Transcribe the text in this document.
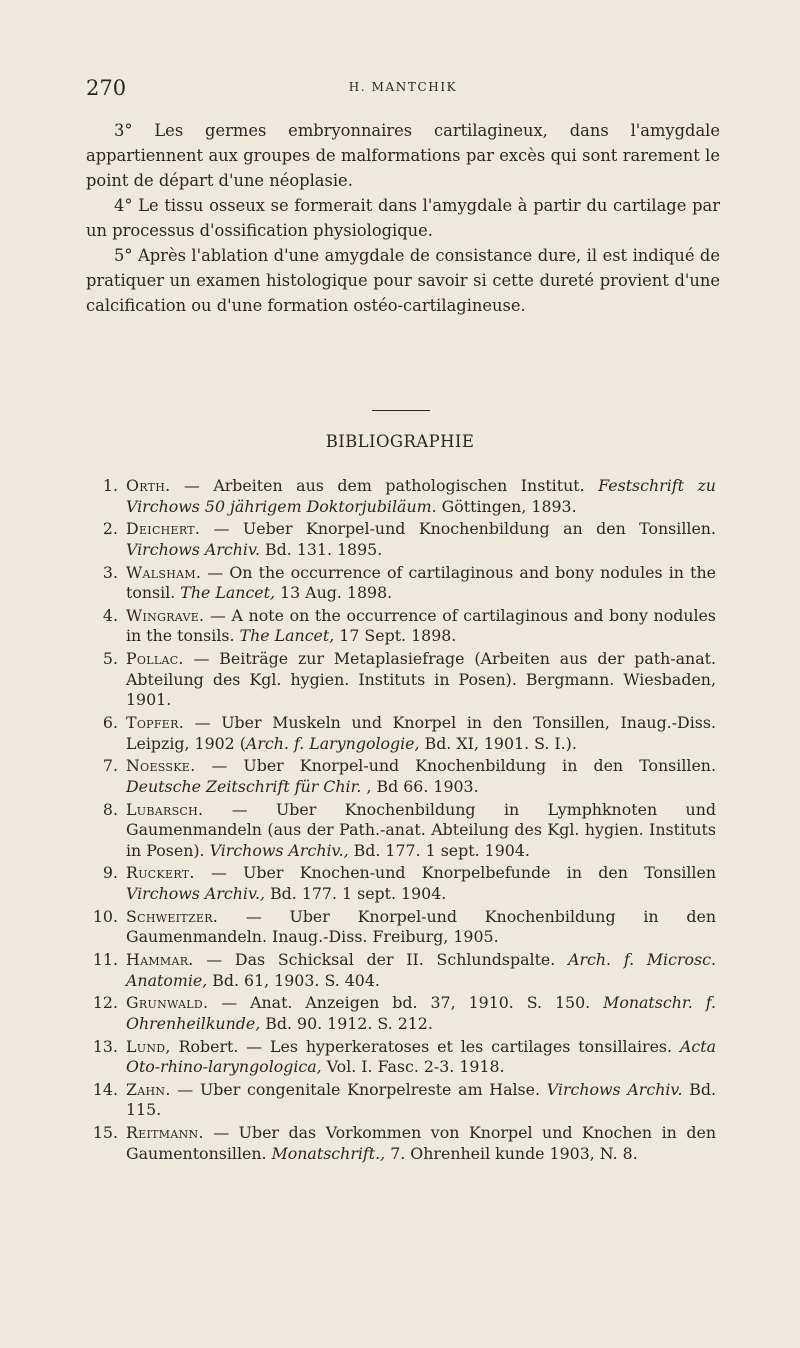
270	H. MANTCHIK

3° Les germes embryonnaires cartilagineux, dans l'amygdale appartiennent aux groupes de malformations par excès qui sont rarement le point de départ d'une néoplasie.

4° Le tissu osseux se formerait dans l'amygdale à partir du cartilage par un processus d'ossification physiologique.

5° Après l'ablation d'une amygdale de consistance dure, il est indiqué de pratiquer un examen histologique pour savoir si cette dureté provient d'une calcification ou d'une formation ostéo-cartilagineuse.

BIBLIOGRAPHIE
1. Orth. — Arbeiten aus dem pathologischen Institut. Festschrift zu Virchows 50 jährigem Doktorjubiläum. Göttingen, 1893.
2. Deichert. — Ueber Knorpel-und Knochenbildung an den Tonsillen. Virchows Archiv. Bd. 131. 1895.
3. Walsham. — On the occurrence of cartilaginous and bony nodules in the tonsil. The Lancet, 13 Aug. 1898.
4. Wingrave. — A note on the occurrence of cartilaginous and bony nodules in the tonsils. The Lancet, 17 Sept. 1898.
5. Pollac. — Beiträge zur Metaplasiefrage (Arbeiten aus der path-anat. Abteilung des Kgl. hygien. Instituts in Posen). Bergmann. Wiesbaden, 1901.
6. Topfer. — Uber Muskeln und Knorpel in den Tonsillen, Inaug.-Diss. Leipzig, 1902 (Arch. f. Laryngologie, Bd. XI, 1901. S. I.).
7. Noesske. — Uber Knorpel-und Knochenbildung in den Tonsillen. Deutsche Zeitschrift für Chir. , Bd 66. 1903.
8. Lubarsch. — Uber Knochenbildung in Lymphknoten und Gaumenmandeln (aus der Path.-anat. Abteilung des Kgl. hygien. Instituts in Posen). Virchows Archiv., Bd. 177. 1 sept. 1904.
9. Ruckert. — Uber Knochen-und Knorpelbefunde in den Tonsillen Virchows Archiv., Bd. 177. 1 sept. 1904.
10. Schweitzer. — Uber Knorpel-und Knochenbildung in den Gaumenmandeln. Inaug.-Diss. Freiburg, 1905.
11. Hammar. — Das Schicksal der II. Schlundspalte. Arch. f. Microsc. Anatomie, Bd. 61, 1903. S. 404.
12. Grunwald. — Anat. Anzeigen bd. 37, 1910. S. 150. Monatschr. f. Ohrenheilkunde, Bd. 90. 1912. S. 212.
13. Lund, Robert. — Les hyperkeratoses et les cartilages tonsillaires. Acta Oto-rhino-laryngologica, Vol. I. Fasc. 2-3. 1918.
14. Zahn. — Uber congenitale Knorpelreste am Halse. Virchows Archiv. Bd. 115.
15. Reitmann. — Uber das Vorkommen von Knorpel und Knochen in den Gaumentonsillen. Monatschrift., 7. Ohrenheil kunde 1903, N. 8.
